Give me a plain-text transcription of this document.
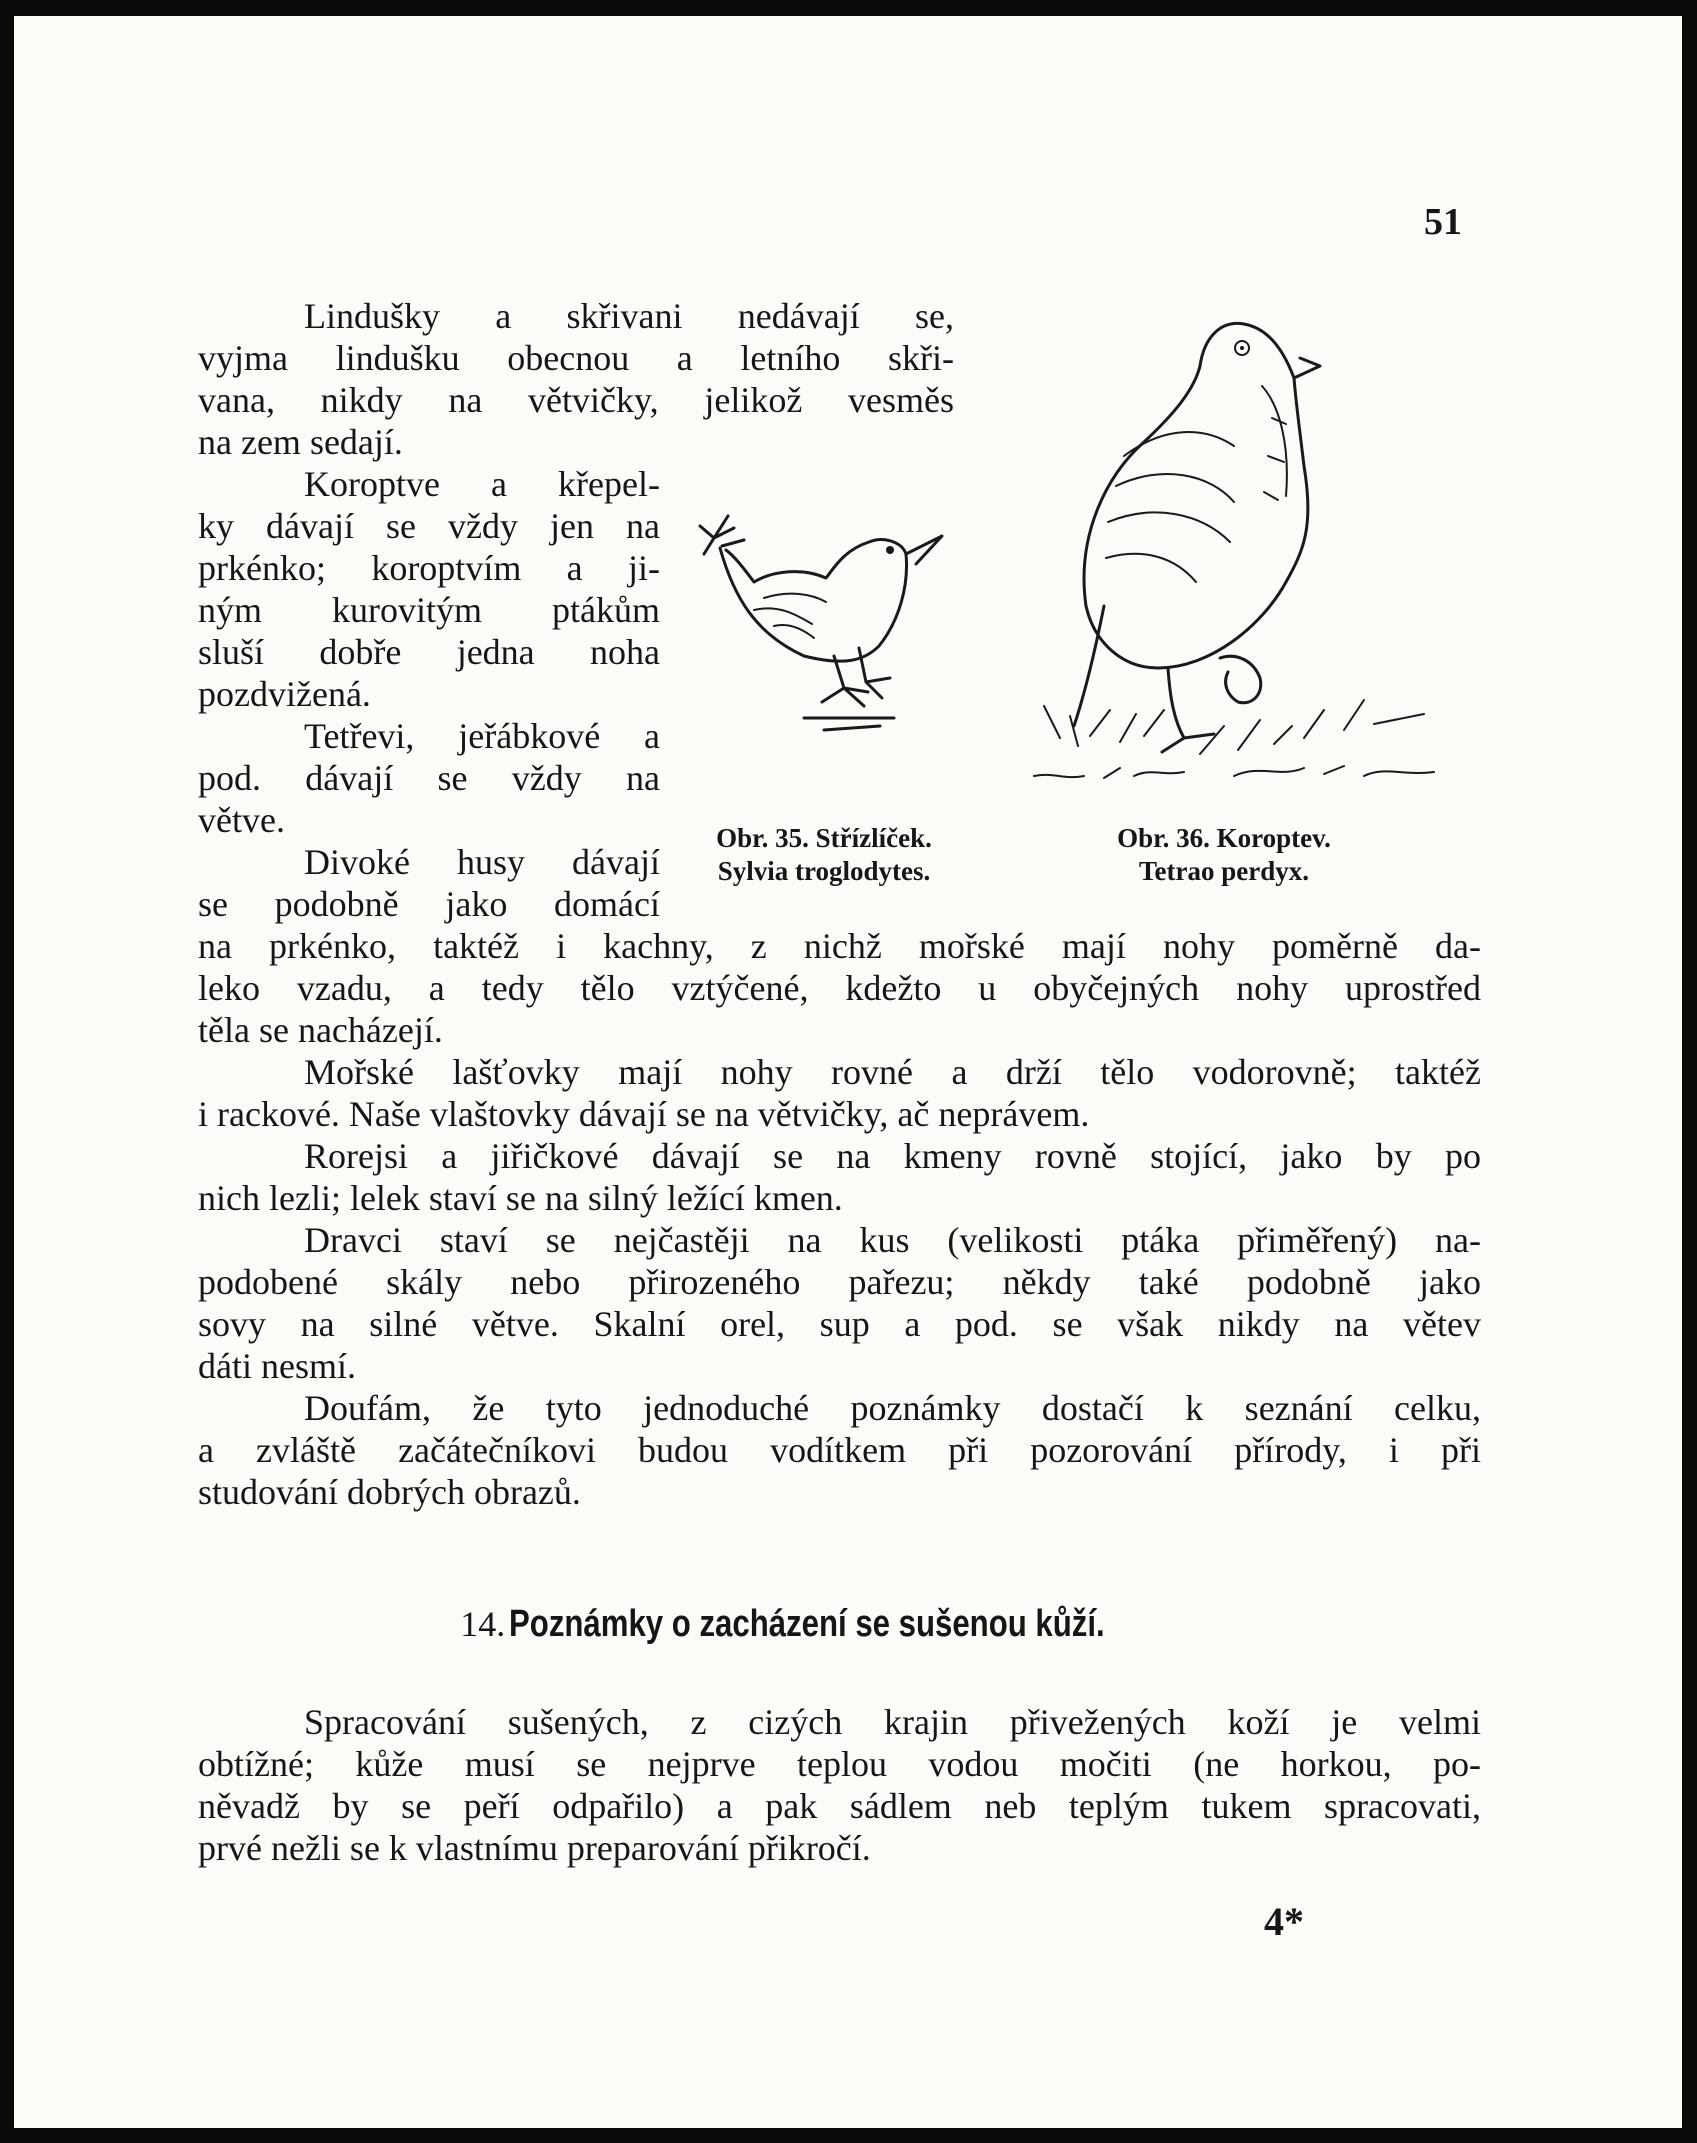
51
Lindušky a skřivani nedávají se,
vyjma lindušku obecnou a letního skři-
vana, nikdy na větvičky, jelikož vesměs
na zem sedají.
Koroptve a křepel-
ky dávají se vždy jen na
prkénko; koroptvím a ji-
ným kurovitým ptákům
sluší dobře jedna noha
pozdvižená.
Tetřevi, jeřábkové a
pod. dávají se vždy na
větve.
Divoké husy dávají
se podobně jako domácí
Obr. 35. Střízlíček.
Sylvia troglodytes.
Obr. 36. Koroptev.
Tetrao perdyx.
na prkénko, taktéž i kachny, z nichž mořské mají nohy poměrně da-
leko vzadu, a tedy tělo vztýčené, kdežto u obyčejných nohy uprostřed
těla se nacházejí.
Mořské lašťovky mají nohy rovné a drží tělo vodorovně; taktéž
i rackové. Naše vlaštovky dávají se na větvičky, ač neprávem.
Rorejsi a jiřičkové dávají se na kmeny rovně stojící, jako by po
nich lezli; lelek staví se na silný ležící kmen.
Dravci staví se nejčastěji na kus (velikosti ptáka přiměřený) na-
podobené skály nebo přirozeného pařezu; někdy také podobně jako
sovy na silné větve. Skalní orel, sup a pod. se však nikdy na větev
dáti nesmí.
Doufám, že tyto jednoduché poznámky dostačí k seznání celku,
a zvláště začátečníkovi budou vodítkem při pozorování přírody, i při
studování dobrých obrazů.
14. Poznámky o zacházení se sušenou kůží.
Spracování sušených, z cizých krajin přivežených koží je velmi
obtížné; kůže musí se nejprve teplou vodou močiti (ne horkou, po-
něvadž by se peří odpařilo) a pak sádlem neb teplým tukem spracovati,
prvé nežli se k vlastnímu preparování přikročí.
4*
